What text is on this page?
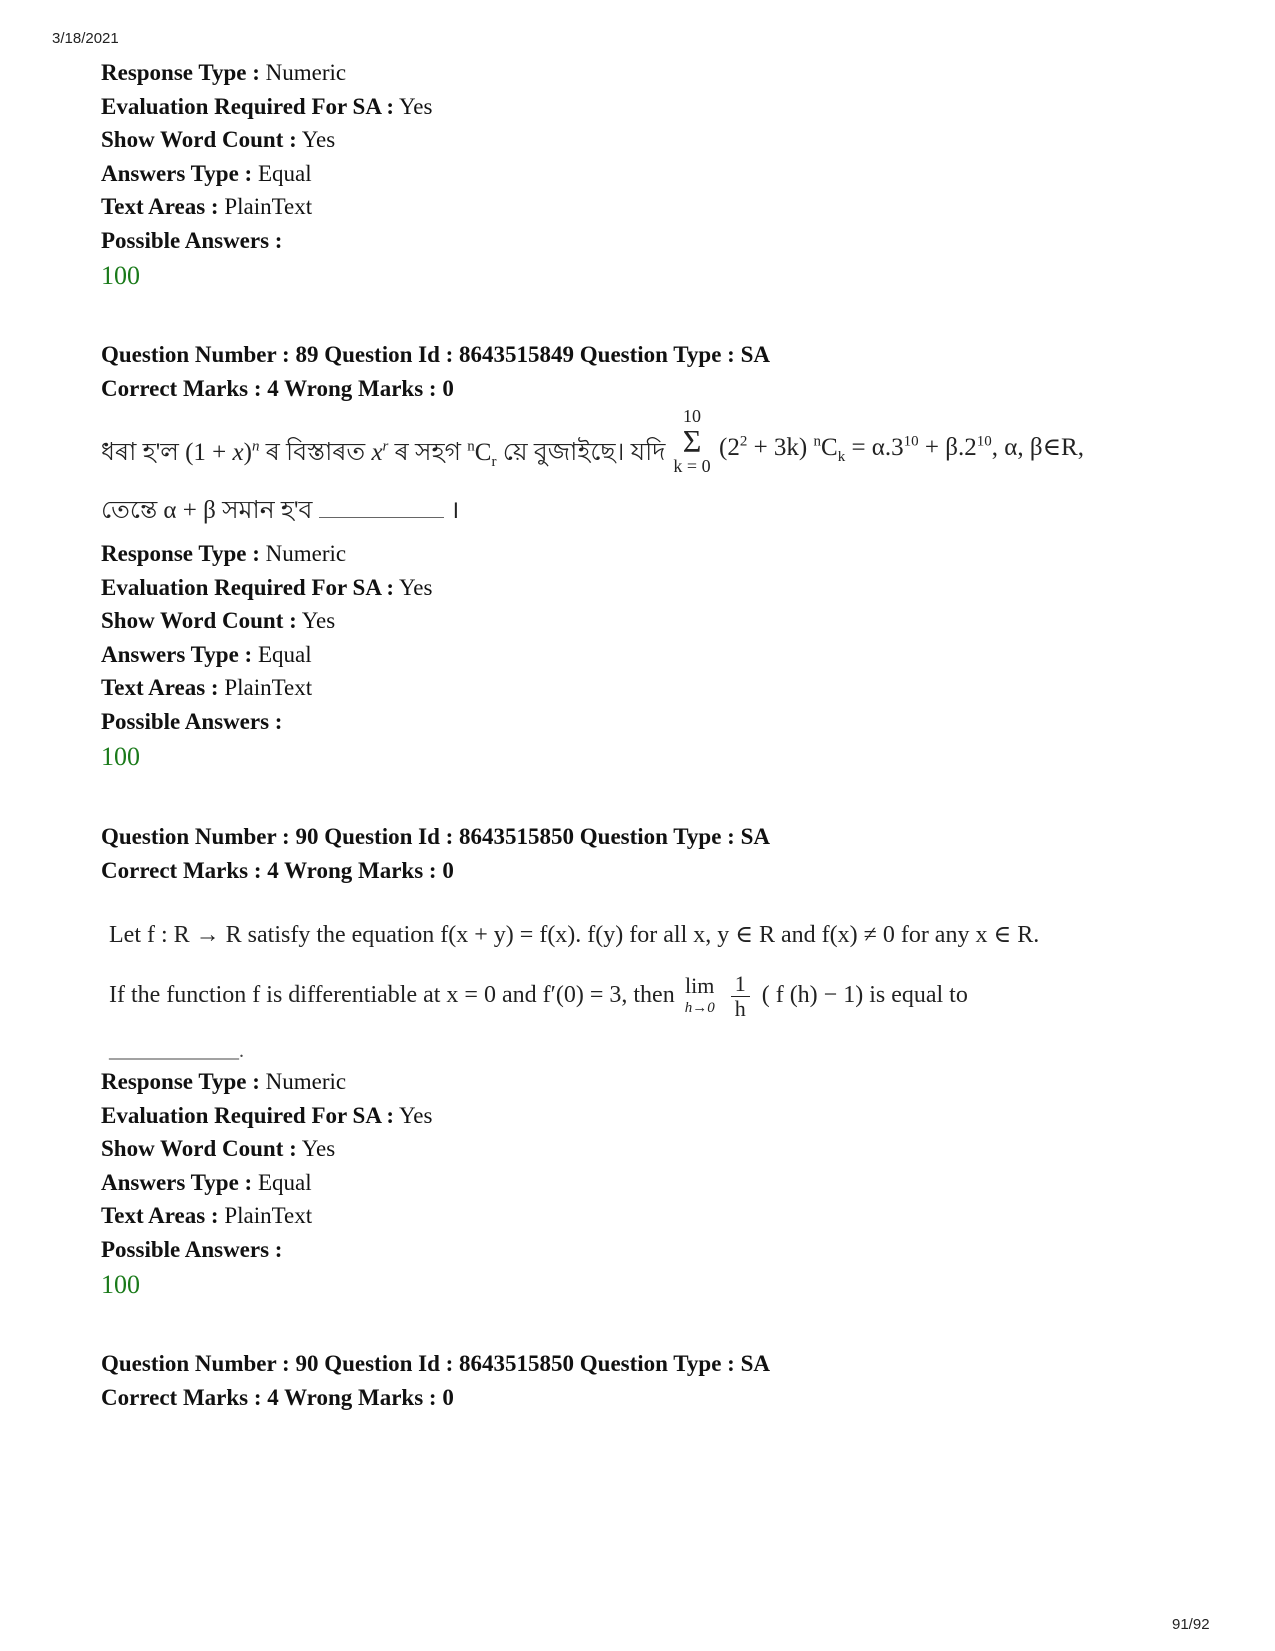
3/18/2021
Response Type : Numeric
Evaluation Required For SA : Yes
Show Word Count : Yes
Answers Type : Equal
Text Areas : PlainText
Possible Answers :
100
Question Number : 89 Question Id : 8643515849 Question Type : SA
Correct Marks : 4 Wrong Marks : 0
ধৰা হ'ল $(1 + x)^n$ ৰ বিস্তাৰত $x^r$ ৰ সহগ $^nC_r$ য়ে বুজাইছে। যদি
10
Σ
k = 0
$(2^2 + 3k) ^nC_k = \alpha.3^{10} + \beta.2^{10}$, α, β∈R,
তেন্তে α + β সমান হ'ব	।
Response Type : Numeric
Evaluation Required For SA : Yes
Show Word Count : Yes
Answers Type : Equal
Text Areas : PlainText
Possible Answers :
100
Question Number : 90 Question Id : 8643515850 Question Type : SA
Correct Marks : 4 Wrong Marks : 0
Let f : R → R satisfy the equation f(x + y) = f(x). f(y) for all x, y ∈ R and f(x) ≠ 0 for any x ∈ R.
If the function f is differentiable at x = 0 and f′(0) = 3, then lim
h→0
$\frac{1}{h}$ ( f (h) − 1) is equal to
_____________.
Response Type : Numeric
Evaluation Required For SA : Yes
Show Word Count : Yes
Answers Type : Equal
Text Areas : PlainText
Possible Answers :
100
Question Number : 90 Question Id : 8643515850 Question Type : SA
Correct Marks : 4 Wrong Marks : 0
91/92
